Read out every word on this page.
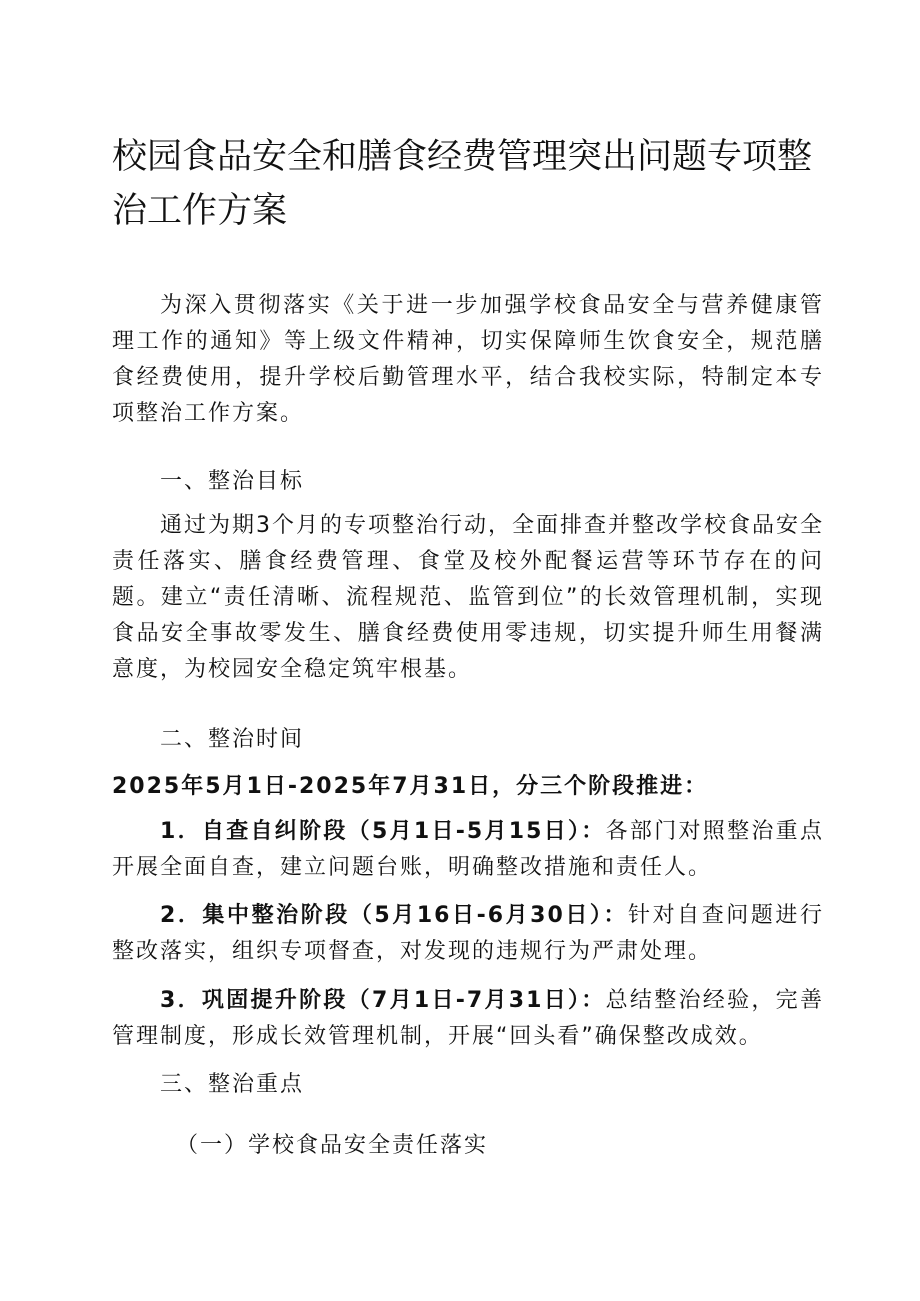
校园食品安全和膳食经费管理突出问题专项整治工作方案

为深入贯彻落实《关于进一步加强学校食品安全与营养健康管理工作的通知》等上级文件精神，切实保障师生饮食安全，规范膳食经费使用，提升学校后勤管理水平，结合我校实际，特制定本专项整治工作方案。

一、整治目标

通过为期3个月的专项整治行动，全面排查并整改学校食品安全责任落实、膳食经费管理、食堂及校外配餐运营等环节存在的问题。建立“责任清晰、流程规范、监管到位”的长效管理机制，实现食品安全事故零发生、膳食经费使用零违规，切实提升师生用餐满意度，为校园安全稳定筑牢根基。

二、整治时间

2025年5月1日-2025年7月31日，分三个阶段推进：

1．自查自纠阶段（5月1日-5月15日）：各部门对照整治重点开展全面自查，建立问题台账，明确整改措施和责任人。

2．集中整治阶段（5月16日-6月30日）：针对自查问题进行整改落实，组织专项督查，对发现的违规行为严肃处理。

3．巩固提升阶段（7月1日-7月31日）：总结整治经验，完善管理制度，形成长效管理机制，开展“回头看”确保整改成效。

三、整治重点

（一）学校食品安全责任落实
